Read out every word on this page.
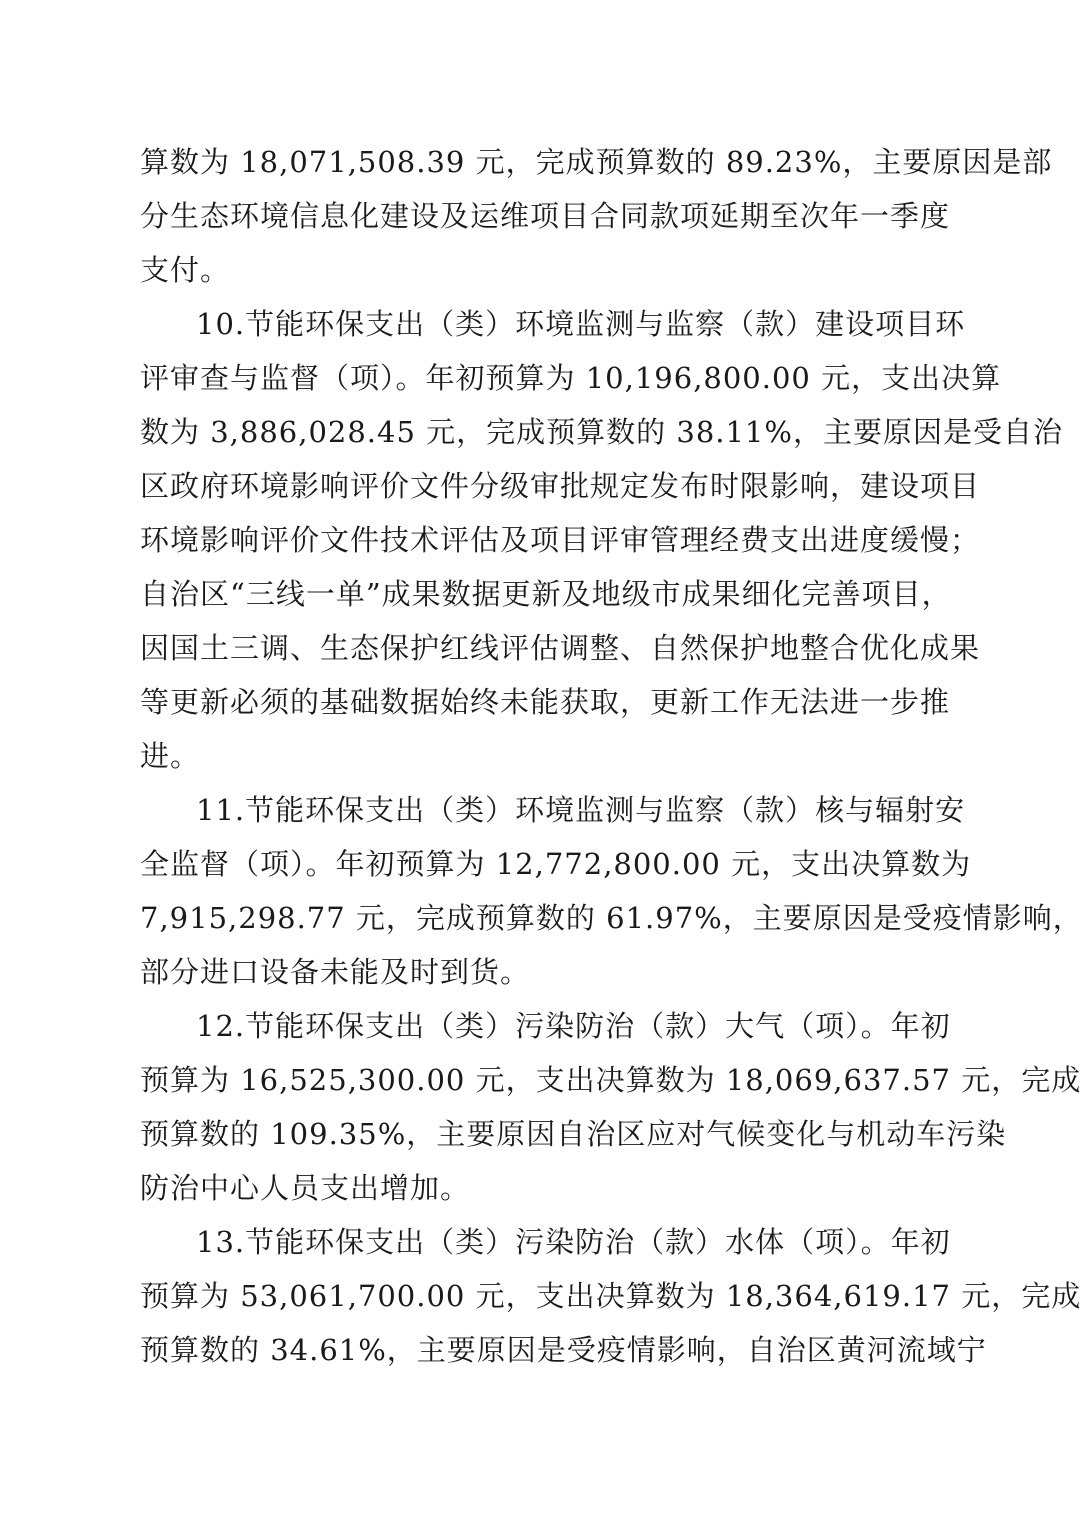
算数为 18,071,508.39 元，完成预算数的 89.23%，主要原因是部
分生态环境信息化建设及运维项目合同款项延期至次年一季度
支付。
10.节能环保支出（类）环境监测与监察（款）建设项目环
评审查与监督（项）。年初预算为 10,196,800.00 元，支出决算
数为 3,886,028.45 元，完成预算数的 38.11%，主要原因是受自治
区政府环境影响评价文件分级审批规定发布时限影响，建设项目
环境影响评价文件技术评估及项目评审管理经费支出进度缓慢；
自治区“三线一单”成果数据更新及地级市成果细化完善项目，
因国土三调、生态保护红线评估调整、自然保护地整合优化成果
等更新必须的基础数据始终未能获取，更新工作无法进一步推
进。
11.节能环保支出（类）环境监测与监察（款）核与辐射安
全监督（项）。年初预算为 12,772,800.00 元，支出决算数为
7,915,298.77 元，完成预算数的 61.97%，主要原因是受疫情影响，
部分进口设备未能及时到货。
12.节能环保支出（类）污染防治（款）大气（项）。年初
预算为 16,525,300.00 元，支出决算数为 18,069,637.57 元，完成
预算数的 109.35%，主要原因自治区应对气候变化与机动车污染
防治中心人员支出增加。
13.节能环保支出（类）污染防治（款）水体（项）。年初
预算为 53,061,700.00 元，支出决算数为 18,364,619.17 元，完成
预算数的 34.61%，主要原因是受疫情影响，自治区黄河流域宁
